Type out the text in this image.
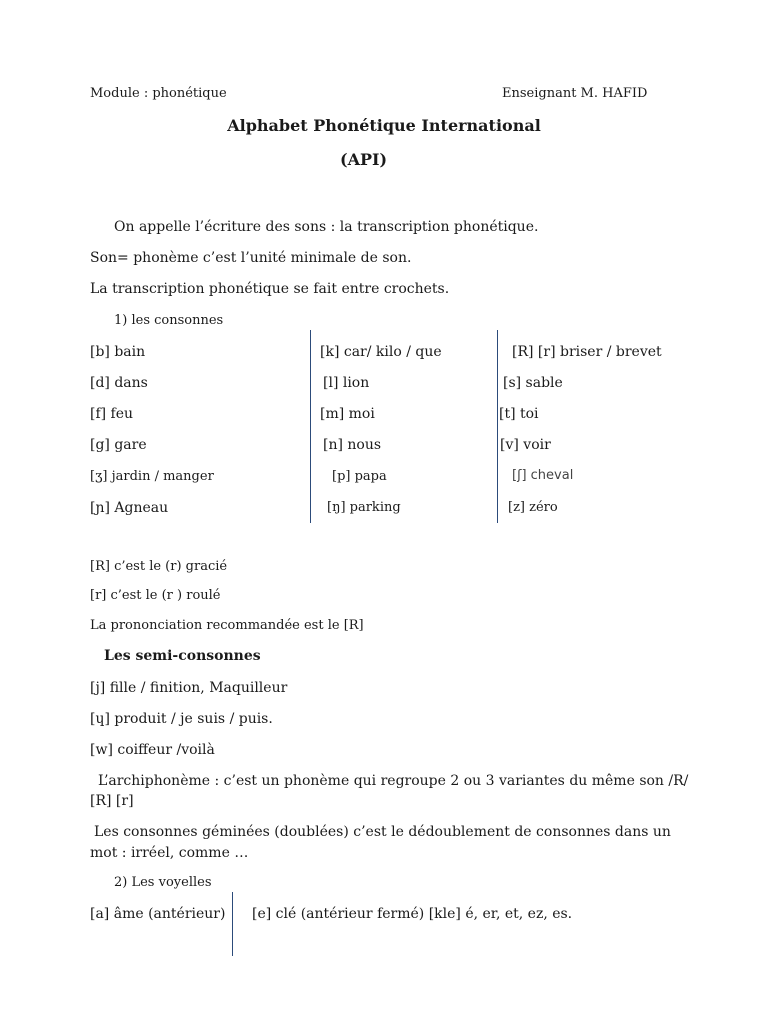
Module : phonétique	Enseignant M. HAFID
Alphabet Phonétique International
(API)
On appelle l’écriture des sons : la transcription phonétique.
Son= phonème c’est l’unité minimale de son.
La transcription phonétique se fait entre crochets.
1) les consonnes
[b] bain
[d] dans
[f] feu
[g] gare
[ʒ] jardin / manger
[ɲ] Agneau
[k] car/ kilo / que
[l] lion
[m] moi
[n] nous
[p] papa
[ŋ] parking
[R] [r] briser / brevet
[s] sable
[t] toi
[v] voir
[ʃ] cheval
[z] zéro
[R] c’est le (r) gracié
[r] c’est le (r ) roulé
La prononciation recommandée est le [R]
Les semi-consonnes
[j] fille / finition, Maquilleur
[ɥ] produit / je suis / puis.
[w] coiffeur /voilà
L’archiphonème : c’est un phonème qui regroupe 2 ou 3 variantes du même son /R/
[R] [r]
Les consonnes géminées (doublées) c’est le dédoublement de consonnes dans un
mot : irréel, comme …
2) Les voyelles
[a] âme (antérieur) [e] clé (antérieur fermé) [kle] é, er, et, ez, es.
